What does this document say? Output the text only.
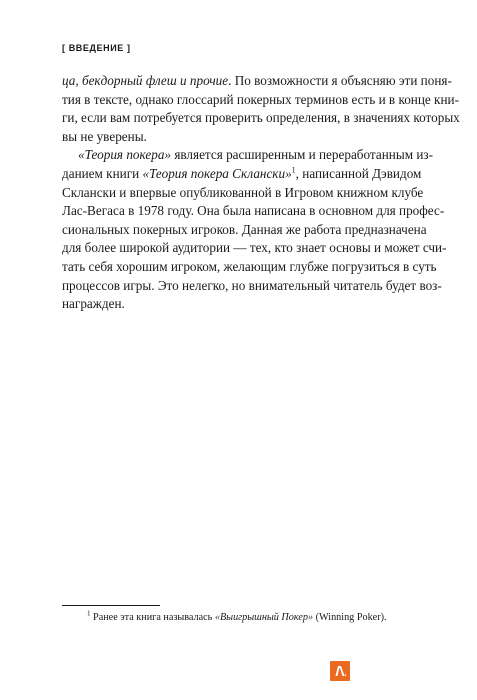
[ ВВЕДЕНИЕ ]

ца, бекдорный флеш и прочие. По возможности я объясняю эти поня-
тия в тексте, однако глоссарий покерных терминов есть и в конце кни-
ги, если вам потребуется проверить определения, в значениях которых
вы не уверены.

«Теория покера» является расширенным и переработанным из-
данием книги «Теория покера Склански»$^1$, написанной Дэвидом
Склански и впервые опубликованной в Игровом книжном клубе
Лас-Вегаса в 1978 году. Она была написана в основном для профес-
сиональных покерных игроков. Данная же работа предназначена
для более широкой аудитории — тех, кто знает основы и может счи-
тать себя хорошим игроком, желающим глубже погрузиться в суть
процессов игры. Это нелегко, но внимательный читатель будет воз-
награжден.

$^1$ Ранее эта книга называлась «Выигрышный Покер» (Winning Poker).
